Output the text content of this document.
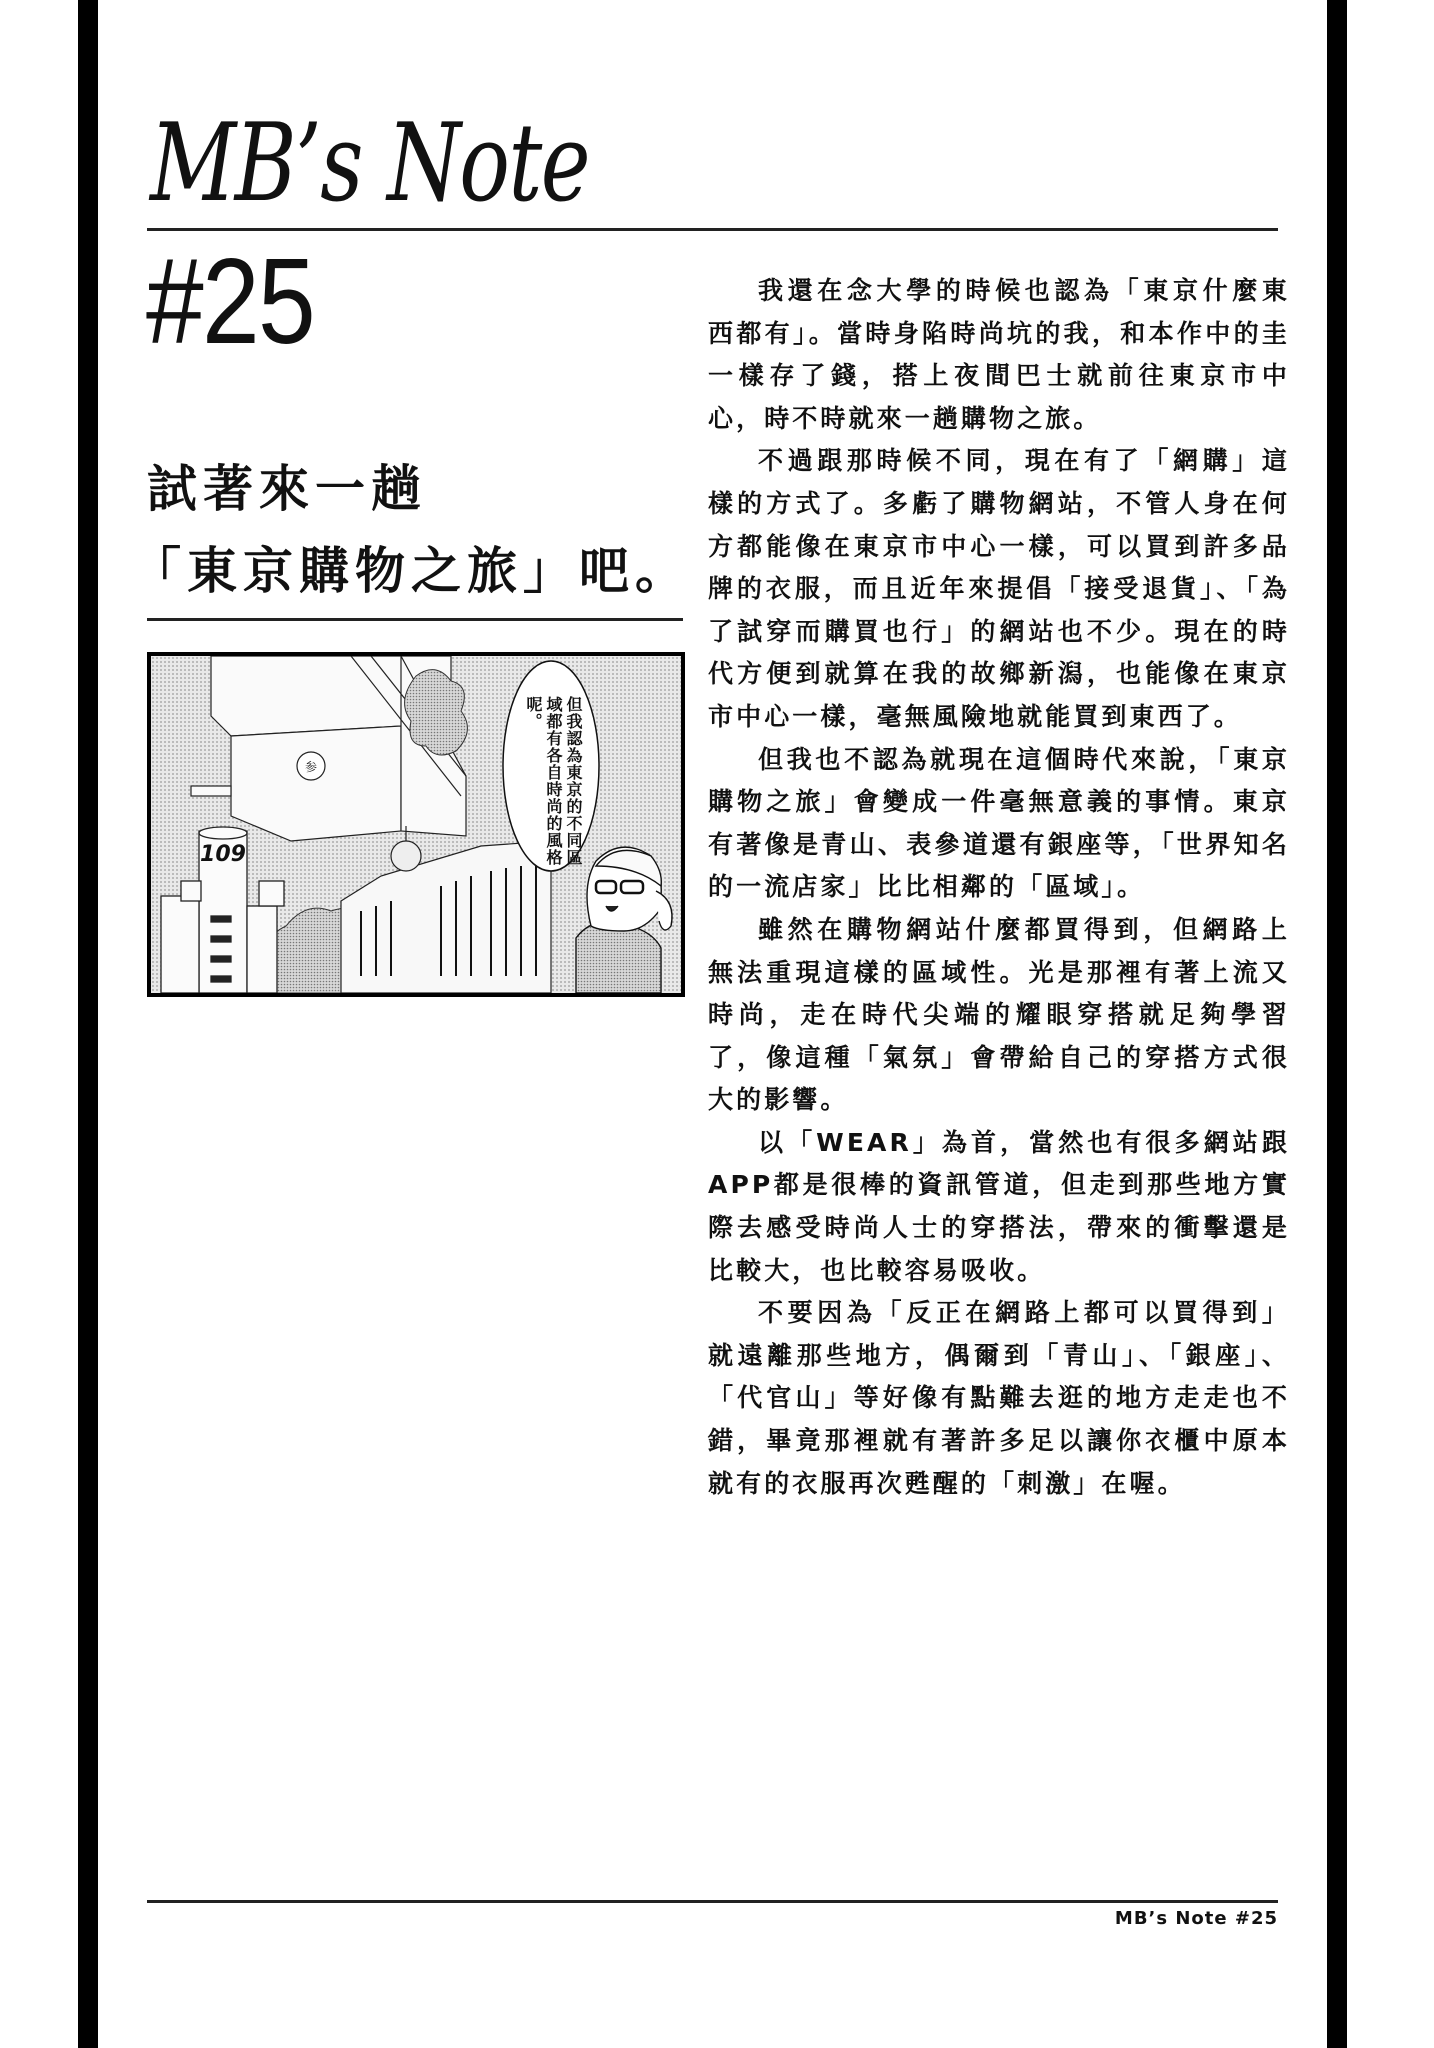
MB’s Note
#25
試著來一趟
「東京購物之旅」吧。
参
109	但我認為東京的不同區域都有各自時尚的風格呢。

我還在念大學的時候也認為「東京什麼東西都有」。當時身陷時尚坑的我，和本作中的圭一樣存了錢，搭上夜間巴士就前往東京市中心，時不時就來一趟購物之旅。

不過跟那時候不同，現在有了「網購」這樣的方式了。多虧了購物網站，不管人身在何方都能像在東京市中心一樣，可以買到許多品牌的衣服，而且近年來提倡「接受退貨」、「為了試穿而購買也行」的網站也不少。現在的時代方便到就算在我的故鄉新潟，也能像在東京市中心一樣，毫無風險地就能買到東西了。

但我也不認為就現在這個時代來說，「東京購物之旅」會變成一件毫無意義的事情。東京有著像是青山、表參道還有銀座等，「世界知名的一流店家」比比相鄰的「區域」。

雖然在購物網站什麼都買得到，但網路上無法重現這樣的區域性。光是那裡有著上流又時尚，走在時代尖端的耀眼穿搭就足夠學習了，像這種「氣氛」會帶給自己的穿搭方式很大的影響。

以「WEAR」為首，當然也有很多網站跟APP都是很棒的資訊管道，但走到那些地方實際去感受時尚人士的穿搭法，帶來的衝擊還是比較大，也比較容易吸收。

不要因為「反正在網路上都可以買得到」就遠離那些地方，偶爾到「青山」、「銀座」、「代官山」等好像有點難去逛的地方走走也不錯，畢竟那裡就有著許多足以讓你衣櫃中原本就有的衣服再次甦醒的「刺激」在喔。

MB’s Note #25
